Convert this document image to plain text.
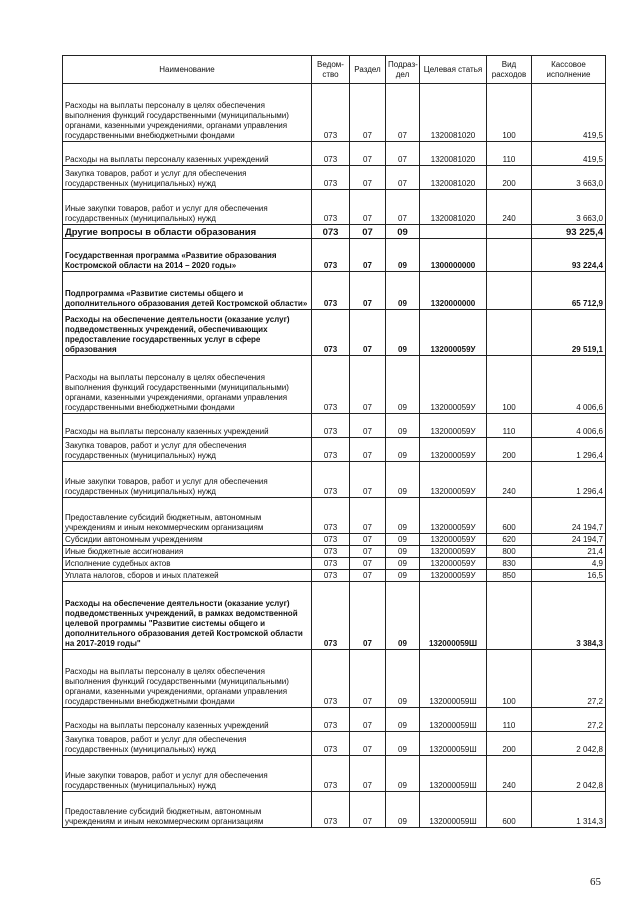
Наименование	Ведом-ство	Раздел	Подраз-дел	Целевая статья	Вид расходов	Кассовое исполнение
Расходы на выплаты персоналу в целях обеспечения выполнения функций государственными (муниципальными) органами, казенными учреждениями, органами управления государственными внебюджетными фондами	073	07	07	1320081020	100	419,5
Расходы на выплаты персоналу казенных учреждений	073	07	07	1320081020	110	419,5
Закупка товаров, работ и услуг для обеспечения государственных (муниципальных) нужд	073	07	07	1320081020	200	3 663,0
Иные закупки товаров, работ и услуг для обеспечения государственных (муниципальных) нужд	073	07	07	1320081020	240	3 663,0
Другие вопросы в области образования	073	07	09			93 225,4
Государственная программа «Развитие образования Костромской области на 2014 – 2020 годы»	073	07	09	1300000000		93 224,4
Подпрограмма «Развитие системы общего и дополнительного образования детей Костромской области»	073	07	09	1320000000		65 712,9
Расходы на обеспечение деятельности (оказание услуг) подведомственных учреждений, обеспечивающих предоставление государственных услуг в сфере образования	073	07	09	132000059У		29 519,1
Расходы на выплаты персоналу в целях обеспечения выполнения функций государственными (муниципальными) органами, казенными учреждениями, органами управления государственными внебюджетными фондами	073	07	09	132000059У	100	4 006,6
Расходы на выплаты персоналу казенных учреждений	073	07	09	132000059У	110	4 006,6
Закупка товаров, работ и услуг для обеспечения государственных (муниципальных) нужд	073	07	09	132000059У	200	1 296,4
Иные закупки товаров, работ и услуг для обеспечения государственных (муниципальных) нужд	073	07	09	132000059У	240	1 296,4
Предоставление субсидий бюджетным, автономным учреждениям и иным некоммерческим организациям	073	07	09	132000059У	600	24 194,7
Субсидии автономным учреждениям	073	07	09	132000059У	620	24 194,7
Иные бюджетные ассигнования	073	07	09	132000059У	800	21,4
Исполнение судебных актов	073	07	09	132000059У	830	4,9
Уплата налогов, сборов и иных платежей	073	07	09	132000059У	850	16,5
Расходы на обеспечение деятельности (оказание услуг) подведомственных учреждений, в рамках ведомственной целевой программы "Развитие системы общего и дополнительного образования детей Костромской области на 2017-2019 годы"	073	07	09	132000059Ш		3 384,3
Расходы на выплаты персоналу в целях обеспечения выполнения функций государственными (муниципальными) органами, казенными учреждениями, органами управления государственными внебюджетными фондами	073	07	09	132000059Ш	100	27,2
Расходы на выплаты персоналу казенных учреждений	073	07	09	132000059Ш	110	27,2
Закупка товаров, работ и услуг для обеспечения государственных (муниципальных) нужд	073	07	09	132000059Ш	200	2 042,8
Иные закупки товаров, работ и услуг для обеспечения государственных (муниципальных) нужд	073	07	09	132000059Ш	240	2 042,8
Предоставление субсидий бюджетным, автономным учреждениям и иным некоммерческим организациям	073	07	09	132000059Ш	600	1 314,3
65
